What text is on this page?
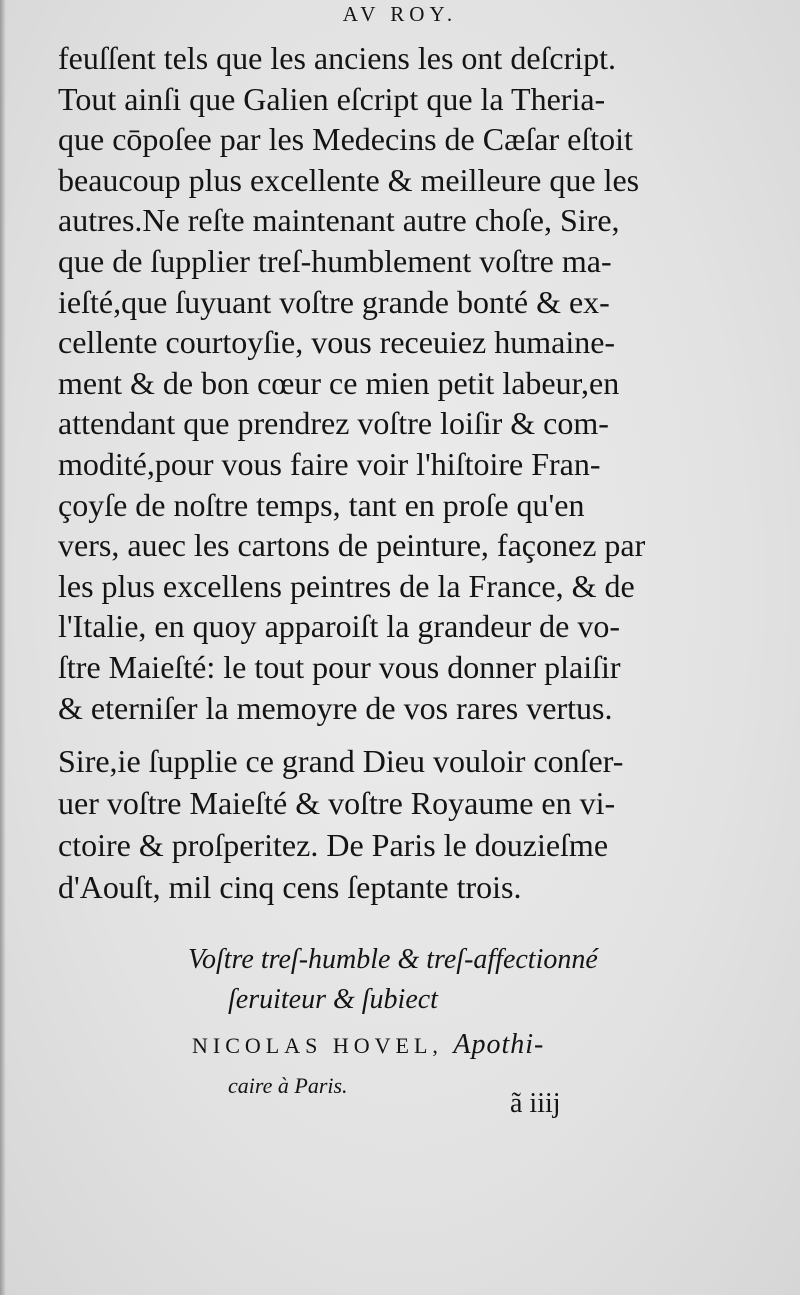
AV ROY.
feuſſent tels que les anciens les ont deſcript.
Tout ainſi que Galien eſcript que la Theria-
que cōpoſee par les Medecins de Cæſar eſtoit
beaucoup plus excellente & meilleure que les
autres.Ne reſte maintenant autre choſe, Sire,
que de ſupplier treſ-humblement voſtre ma-
ieſté,que ſuyuant voſtre grande bonté & ex-
cellente courtoyſie, vous receuiez humaine-
ment & de bon cœur ce mien petit labeur,en
attendant que prendrez voſtre loiſir & com-
modité,pour vous faire voir l'hiſtoire Fran-
çoyſe de noſtre temps, tant en proſe qu'en
vers, auec les cartons de peinture, façonez par
les plus excellens peintres de la France, & de
l'Italie, en quoy apparoiſt la grandeur de vo-
ſtre Maieſté: le tout pour vous donner plaiſir
& eterniſer la memoyre de vos rares vertus.
Sire,ie ſupplie ce grand Dieu vouloir conſer-
uer voſtre Maieſté & voſtre Royaume en vi-
ctoire & proſperitez. De Paris le douzieſme
d'Aouſt, mil cinq cens ſeptante trois.
Voſtre treſ-humble & treſ-affectionné
ſeruiteur & ſubiect
NICOLAS HOVEL, Apothi-
caire à Paris.
ã iiij
